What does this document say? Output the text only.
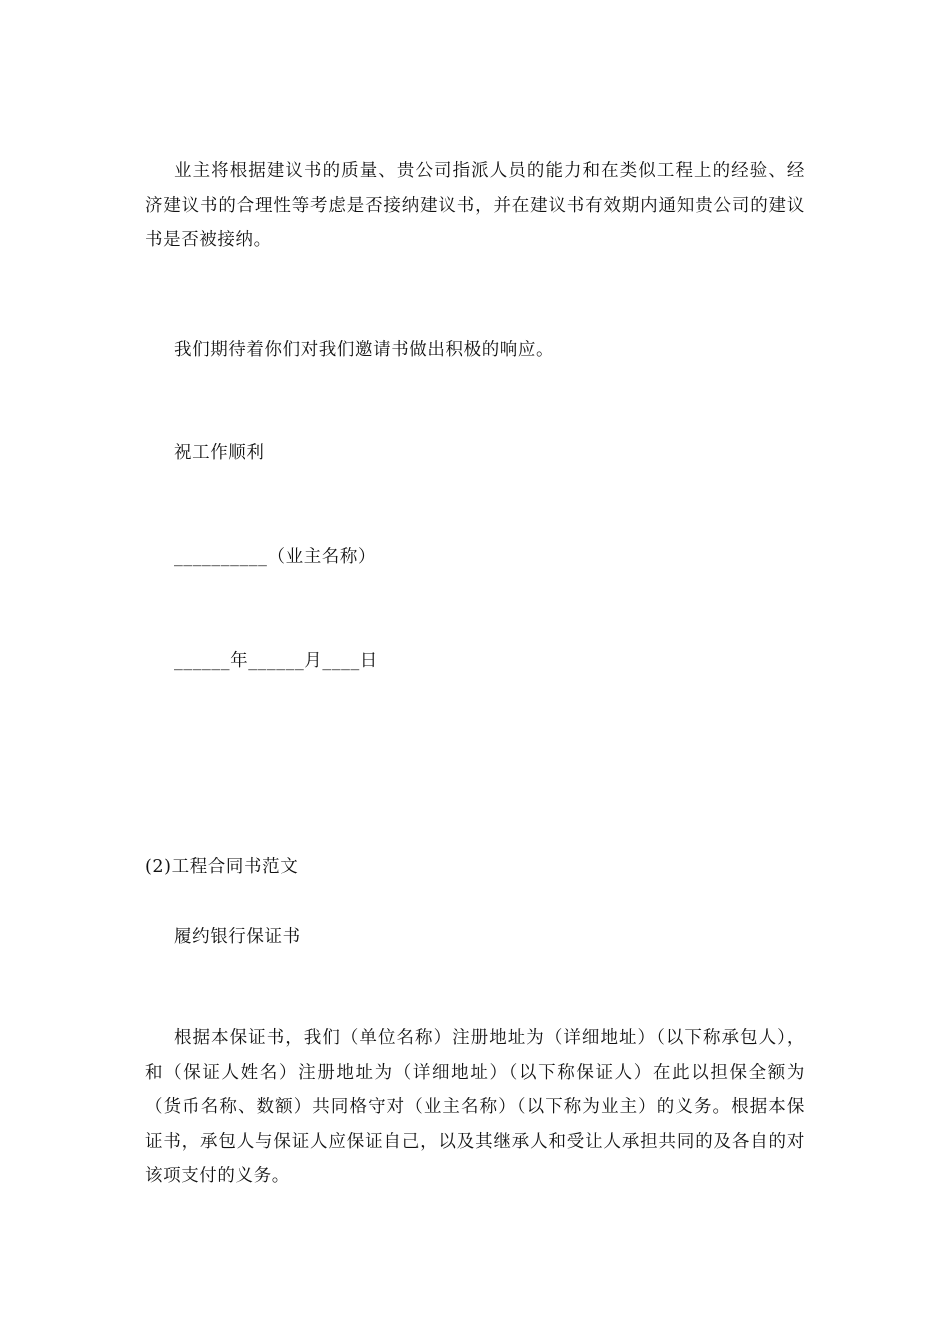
业主将根据建议书的质量、贵公司指派人员的能力和在类似工程上的经验、经济建议书的合理性等考虑是否接纳建议书，并在建议书有效期内通知贵公司的建议书是否被接纳。

我们期待着你们对我们邀请书做出积极的响应。

祝工作顺利

__________（业主名称）

______年______月____日

(2)工程合同书范文

履约银行保证书

根据本保证书，我们（单位名称）注册地址为（详细地址）（以下称承包人），和（保证人姓名）注册地址为（详细地址）（以下称保证人）在此以担保全额为（货币名称、数额）共同格守对（业主名称）（以下称为业主）的义务。根据本保证书，承包人与保证人应保证自己，以及其继承人和受让人承担共同的及各自的对该项支付的义务。
